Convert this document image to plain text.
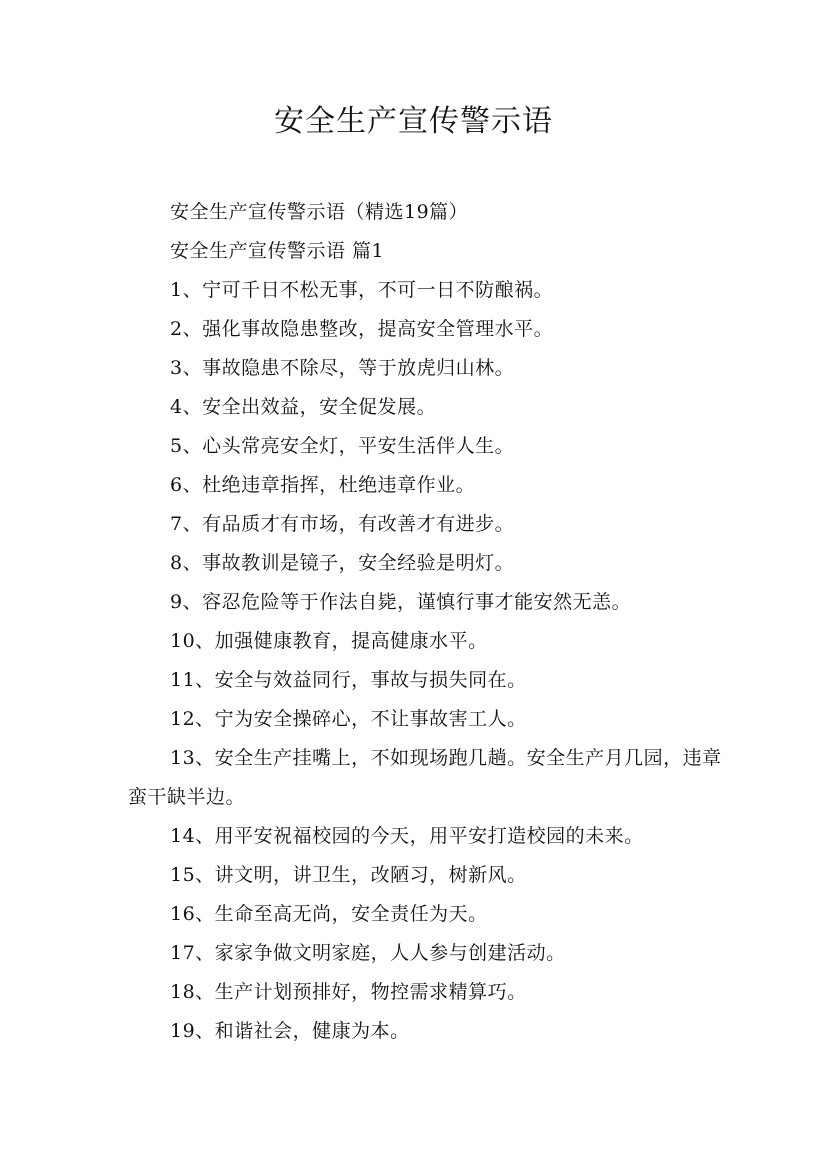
安全生产宣传警示语

安全生产宣传警示语（精选19篇）

安全生产宣传警示语 篇1

1、宁可千日不松无事，不可一日不防酿祸。

2、强化事故隐患整改，提高安全管理水平。

3、事故隐患不除尽，等于放虎归山林。

4、安全出效益，安全促发展。

5、心头常亮安全灯，平安生活伴人生。

6、杜绝违章指挥，杜绝违章作业。

7、有品质才有市场，有改善才有进步。

8、事故教训是镜子，安全经验是明灯。

9、容忍危险等于作法自毙，谨慎行事才能安然无恙。

10、加强健康教育，提高健康水平。

11、安全与效益同行，事故与损失同在。

12、宁为安全操碎心，不让事故害工人。

13、安全生产挂嘴上，不如现场跑几趟。安全生产月几园，违章蛮干缺半边。

14、用平安祝福校园的今天，用平安打造校园的未来。

15、讲文明，讲卫生，改陋习，树新风。

16、生命至高无尚，安全责任为天。

17、家家争做文明家庭，人人参与创建活动。

18、生产计划预排好，物控需求精算巧。

19、和谐社会，健康为本。
